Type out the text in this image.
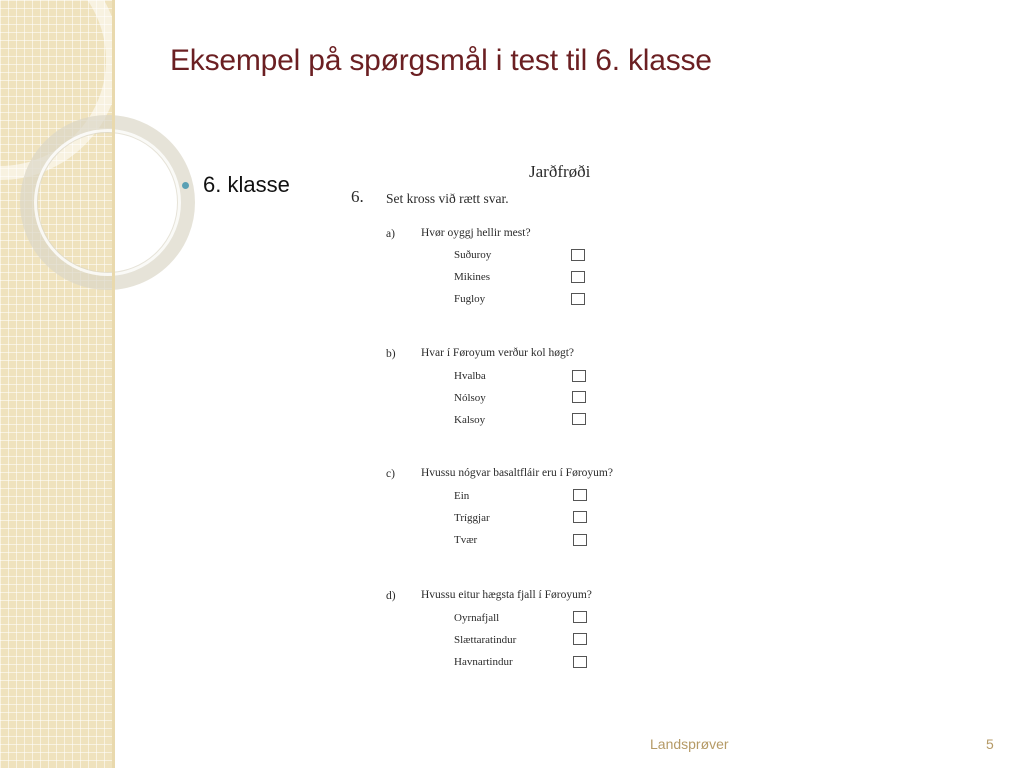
Eksempel på spørgsmål i test til 6. klasse
6. klasse
Jarðfrøði
6. Set kross við rætt svar.
a) Hvør oyggj hellir mest?
Suðuroy
Mikines
Fugloy
b) Hvar í Føroyum verður kol høgt?
Hvalba
Nólsoy
Kalsoy
c) Hvussu nógvar basaltfláir eru í Føroyum?
Ein
Tríggjar
Tvær
d) Hvussu eitur hægsta fjall í Føroyum?
Oyrnafjall
Slættaratindur
Havnartindur
Landsprøver	5
